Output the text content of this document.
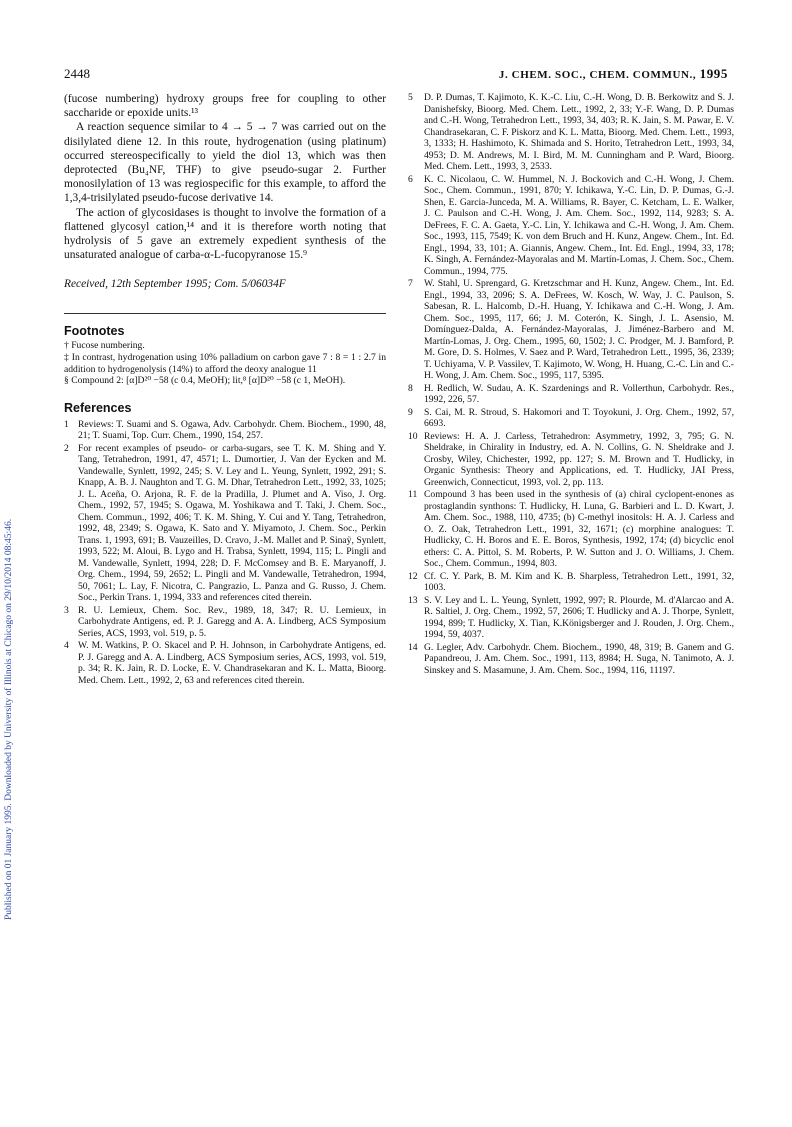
Published on 01 January 1995. Downloaded by University of Illinois at Chicago on 29/10/2014 08:45:46.
2448	J. CHEM. SOC., CHEM. COMMUN., 1995

(fucose numbering) hydroxy groups free for coupling to other saccharide or epoxide units.¹³

A reaction sequence similar to 4 → 5 → 7 was carried out on the disilylated diene 12. In this route, hydrogenation (using platinum) occurred stereospecifically to yield the diol 13, which was then deprotected (Bu₄NF, THF) to give pseudo-sugar 2. Further monosilylation of 13 was regiospecific for this example, to afford the 1,3,4-trisilylated pseudo-fucose derivative 14.

The action of glycosidases is thought to involve the formation of a flattened glycosyl cation,¹⁴ and it is therefore worth noting that hydrolysis of 5 gave an extremely expedient synthesis of the unsaturated analogue of carba-α-L-fucopyranose 15.⁹

Received, 12th September 1995; Com. 5/06034F

Footnotes

† Fucose numbering.

‡ In contrast, hydrogenation using 10% palladium on carbon gave 7 : 8 = 1 : 2.7 in addition to hydrogenolysis (14%) to afford the deoxy analogue 11

§ Compound 2: [α]D²⁰ −58 (c 0.4, MeOH); lit,⁸ [α]D²⁰ −58 (c 1, MeOH).

References
1 Reviews: T. Suami and S. Ogawa, Adv. Carbohydr. Chem. Biochem., 1990, 48, 21; T. Suami, Top. Curr. Chem., 1990, 154, 257.
2 For recent examples of pseudo- or carba-sugars, see T. K. M. Shing and Y. Tang, Tetrahedron, 1991, 47, 4571; L. Dumortier, J. Van der Eycken and M. Vandewalle, Synlett, 1992, 245; S. V. Ley and L. Yeung, Synlett, 1992, 291; S. Knapp, A. B. J. Naughton and T. G. M. Dhar, Tetrahedron Lett., 1992, 33, 1025; J. L. Aceña, O. Arjona, R. F. de la Pradilla, J. Plumet and A. Viso, J. Org. Chem., 1992, 57, 1945; S. Ogawa, M. Yoshikawa and T. Taki, J. Chem. Soc., Chem. Commun., 1992, 406; T. K. M. Shing, Y. Cui and Y. Tang, Tetrahedron, 1992, 48, 2349; S. Ogawa, K. Sato and Y. Miyamoto, J. Chem. Soc., Perkin Trans. 1, 1993, 691; B. Vauzeilles, D. Cravo, J.-M. Mallet and P. Sinaÿ, Synlett, 1993, 522; M. Aloui, B. Lygo and H. Trabsa, Synlett, 1994, 115; L. Pingli and M. Vandewalle, Synlett, 1994, 228; D. F. McComsey and B. E. Maryanoff, J. Org. Chem., 1994, 59, 2652; L. Pingli and M. Vandewalle, Tetrahedron, 1994, 50, 7061; L. Lay, F. Nicotra, C. Pangrazio, L. Panza and G. Russo, J. Chem. Soc., Perkin Trans. 1, 1994, 333 and references cited therein.
3 R. U. Lemieux, Chem. Soc. Rev., 1989, 18, 347; R. U. Lemieux, in Carbohydrate Antigens, ed. P. J. Garegg and A. A. Lindberg, ACS Symposium Series, ACS, 1993, vol. 519, p. 5.
4 W. M. Watkins, P. O. Skacel and P. H. Johnson, in Carbohydrate Antigens, ed. P. J. Garegg and A. A. Lindberg, ACS Symposium series, ACS, 1993, vol. 519, p. 34; R. K. Jain, R. D. Locke, E. V. Chandrasekaran and K. L. Matta, Bioorg. Med. Chem. Lett., 1992, 2, 63 and references cited therein.
5 D. P. Dumas, T. Kajimoto, K. K.-C. Liu, C.-H. Wong, D. B. Berkowitz and S. J. Danishefsky, Bioorg. Med. Chem. Lett., 1992, 2, 33; Y.-F. Wang, D. P. Dumas and C.-H. Wong, Tetrahedron Lett., 1993, 34, 403; R. K. Jain, S. M. Pawar, E. V. Chandrasekaran, C. F. Piskorz and K. L. Matta, Bioorg. Med. Chem. Lett., 1993, 3, 1333; H. Hashimoto, K. Shimada and S. Horito, Tetrahedron Lett., 1993, 34, 4953; D. M. Andrews, M. I. Bird, M. M. Cunningham and P. Ward, Bioorg. Med. Chem. Lett., 1993, 3, 2533.
6 K. C. Nicolaou, C. W. Hummel, N. J. Bockovich and C.-H. Wong, J. Chem. Soc., Chem. Commun., 1991, 870; Y. Ichikawa, Y.-C. Lin, D. P. Dumas, G.-J. Shen, E. Garcia-Junceda, M. A. Williams, R. Bayer, C. Ketcham, L. E. Walker, J. C. Paulson and C.-H. Wong, J. Am. Chem. Soc., 1992, 114, 9283; S. A. DeFrees, F. C. A. Gaeta, Y.-C. Lin, Y. Ichikawa and C.-H. Wong, J. Am. Chem. Soc., 1993, 115, 7549; K. von dem Bruch and H. Kunz, Angew. Chem., Int. Ed. Engl., 1994, 33, 101; A. Giannis, Angew. Chem., Int. Ed. Engl., 1994, 33, 178; K. Singh, A. Fernández-Mayoralas and M. Martín-Lomas, J. Chem. Soc., Chem. Commun., 1994, 775.
7 W. Stahl, U. Sprengard, G. Kretzschmar and H. Kunz, Angew. Chem., Int. Ed. Engl., 1994, 33, 2096; S. A. DeFrees, W. Kosch, W. Way, J. C. Paulson, S. Sabesan, R. L. Halcomb, D.-H. Huang, Y. Ichikawa and C.-H. Wong, J. Am. Chem. Soc., 1995, 117, 66; J. M. Coterón, K. Singh, J. L. Asensio, M. Domínguez-Dalda, A. Fernández-Mayoralas, J. Jiménez-Barbero and M. Martín-Lomas, J. Org. Chem., 1995, 60, 1502; J. C. Prodger, M. J. Bamford, P. M. Gore, D. S. Holmes, V. Saez and P. Ward, Tetrahedron Lett., 1995, 36, 2339; T. Uchiyama, V. P. Vassilev, T. Kajimoto, W. Wong, H. Huang, C.-C. Lin and C.-H. Wong, J. Am. Chem. Soc., 1995, 117, 5395.
8 H. Redlich, W. Sudau, A. K. Szardenings and R. Vollerthun, Carbohydr. Res., 1992, 226, 57.
9 S. Cai, M. R. Stroud, S. Hakomori and T. Toyokuni, J. Org. Chem., 1992, 57, 6693.
10 Reviews: H. A. J. Carless, Tetrahedron: Asymmetry, 1992, 3, 795; G. N. Sheldrake, in Chirality in Industry, ed. A. N. Collins, G. N. Sheldrake and J. Crosby, Wiley, Chichester, 1992, pp. 127; S. M. Brown and T. Hudlicky, in Organic Synthesis: Theory and Applications, ed. T. Hudlicky, JAI Press, Greenwich, Connecticut, 1993, vol. 2, pp. 113.
11 Compound 3 has been used in the synthesis of (a) chiral cyclopent-enones as prostaglandin synthons: T. Hudlicky, H. Luna, G. Barbieri and L. D. Kwart, J. Am. Chem. Soc., 1988, 110, 4735; (b) C-methyl inositols: H. A. J. Carless and O. Z. Oak, Tetrahedron Lett., 1991, 32, 1671; (c) morphine analogues: T. Hudlicky, C. H. Boros and E. E. Boros, Synthesis, 1992, 174; (d) bicyclic enol ethers: C. A. Pittol, S. M. Roberts, P. W. Sutton and J. O. Williams, J. Chem. Soc., Chem. Commun., 1994, 803.
12 Cf. C. Y. Park, B. M. Kim and K. B. Sharpless, Tetrahedron Lett., 1991, 32, 1003.
13 S. V. Ley and L. L. Yeung, Synlett, 1992, 997; R. Plourde, M. d'Alarcao and A. R. Saltiel, J. Org. Chem., 1992, 57, 2606; T. Hudlicky and A. J. Thorpe, Synlett, 1994, 899; T. Hudlicky, X. Tian, K.Königsberger and J. Rouden, J. Org. Chem., 1994, 59, 4037.
14 G. Legler, Adv. Carbohydr. Chem. Biochem., 1990, 48, 319; B. Ganem and G. Papandreou, J. Am. Chem. Soc., 1991, 113, 8984; H. Suga, N. Tanimoto, A. J. Sinskey and S. Masamune, J. Am. Chem. Soc., 1994, 116, 11197.
